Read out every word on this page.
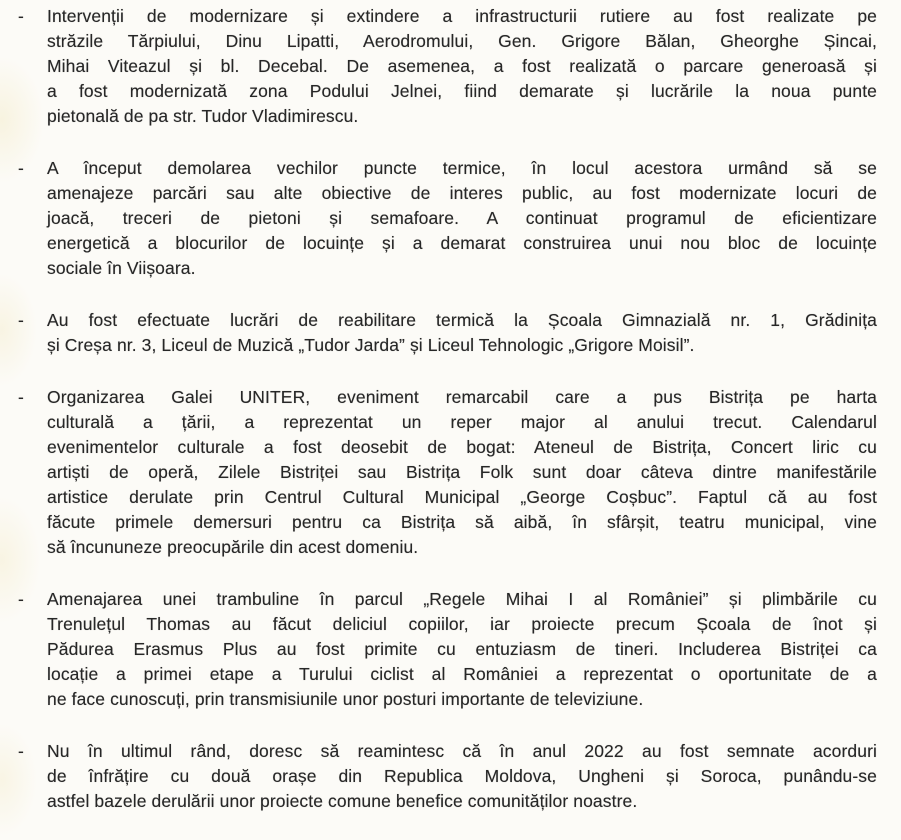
-	Intervenții de modernizare și extindere a infrastructurii rutiere au fost realizate pe
străzile Tărpiului, Dinu Lipatti, Aerodromului, Gen. Grigore Bălan, Gheorghe Șincai,
Mihai Viteazul și bl. Decebal. De asemenea, a fost realizată o parcare generoasă și
a fost modernizată zona Podului Jelnei, fiind demarate și lucrările la noua punte
pietonală de pa str. Tudor Vladimirescu.
-	A început demolarea vechilor puncte termice, în locul acestora urmând să se
amenajeze parcări sau alte obiective de interes public, au fost modernizate locuri de
joacă, treceri de pietoni și semafoare. A continuat programul de eficientizare
energetică a blocurilor de locuințe și a demarat construirea unui nou bloc de locuințe
sociale în Viișoara.
-	Au fost efectuate lucrări de reabilitare termică la Școala Gimnazială nr. 1, Grădinița
și Creșa nr. 3, Liceul de Muzică „Tudor Jarda” și Liceul Tehnologic „Grigore Moisil”.
-	Organizarea Galei UNITER, eveniment remarcabil care a pus Bistrița pe harta
culturală a țării, a reprezentat un reper major al anului trecut. Calendarul
evenimentelor culturale a fost deosebit de bogat: Ateneul de Bistrița, Concert liric cu
artiști de operă, Zilele Bistriței sau Bistrița Folk sunt doar câteva dintre manifestările
artistice derulate prin Centrul Cultural Municipal „George Coșbuc”. Faptul că au fost
făcute primele demersuri pentru ca Bistrița să aibă, în sfârșit, teatru municipal, vine
să încununeze preocupările din acest domeniu.
-	Amenajarea unei trambuline în parcul „Regele Mihai I al României” și plimbările cu
Trenulețul Thomas au făcut deliciul copiilor, iar proiecte precum Școala de înot și
Pădurea Erasmus Plus au fost primite cu entuziasm de tineri. Includerea Bistriței ca
locație a primei etape a Turului ciclist al României a reprezentat o oportunitate de a
ne face cunoscuți, prin transmisiunile unor posturi importante de televiziune.
-	Nu în ultimul rând, doresc să reamintesc că în anul 2022 au fost semnate acorduri
de înfrățire cu două orașe din Republica Moldova, Ungheni și Soroca, punându-se
astfel bazele derulării unor proiecte comune benefice comunităților noastre.
